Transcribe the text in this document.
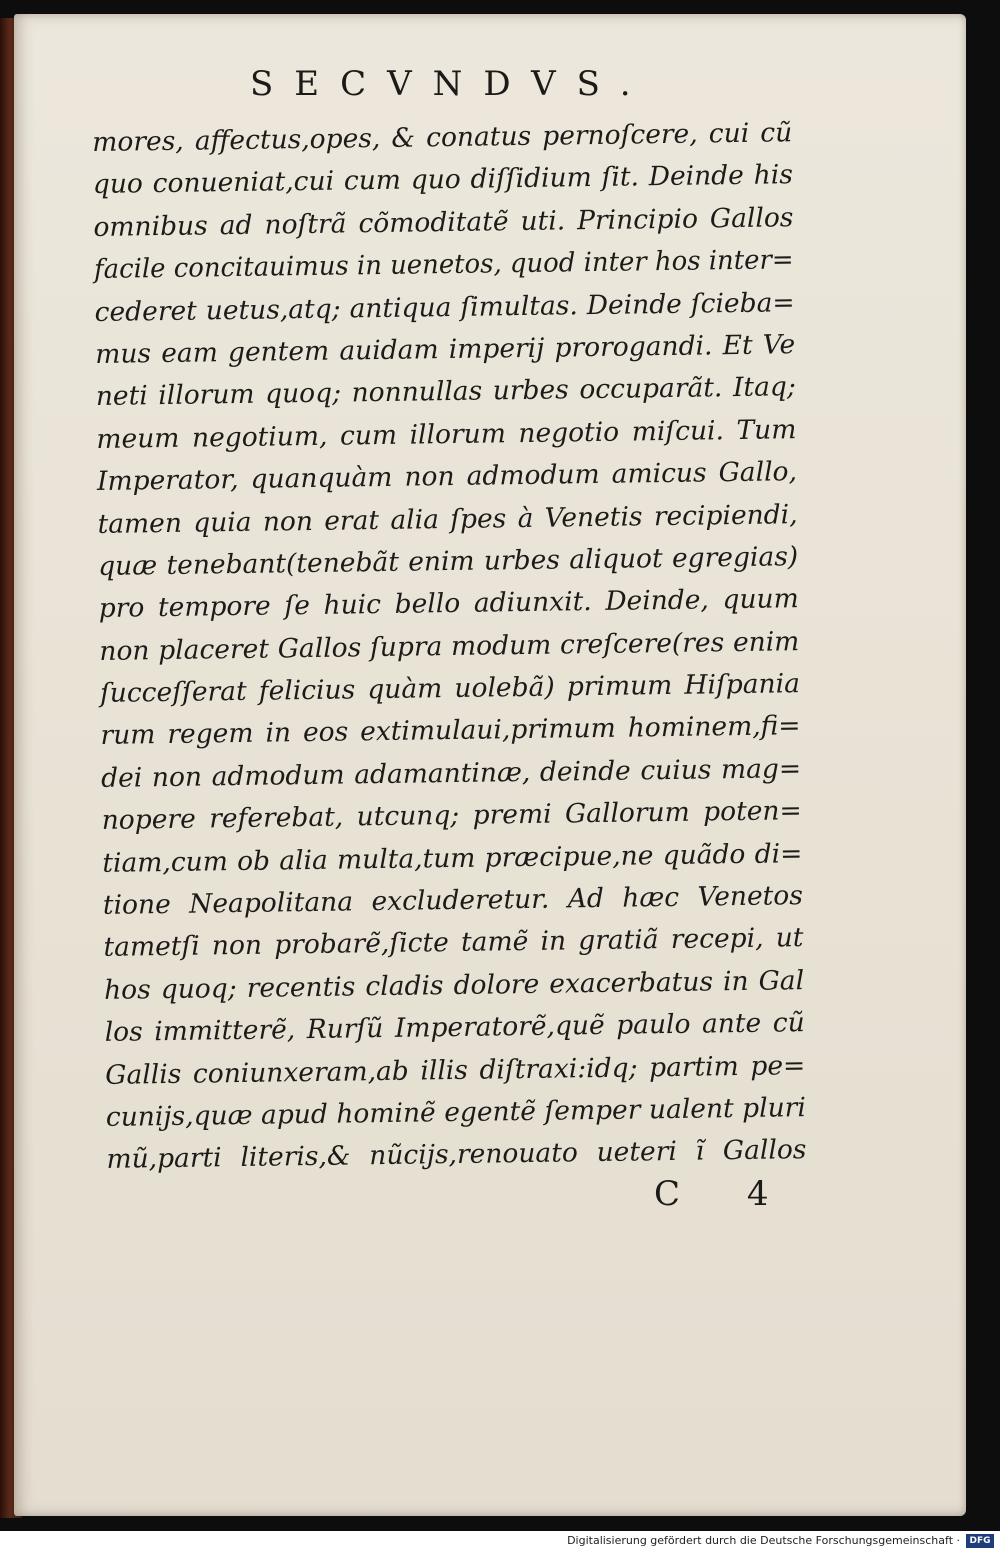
SECVNDVS.
mores, affectus,opes, & conatus pernoſcere, cui cũ
quo conueniat,cui cum quo diſſidium ſit. Deinde his
omnibus ad noſtrã cõmoditatẽ uti. Principio Gallos
facile concitauimus in uenetos, quod inter hos inter=
cederet uetus,atq; antiqua ſimultas. Deinde ſcieba=
mus eam gentem auidam imperij prorogandi. Et Ve
neti illorum quoq; nonnullas urbes occuparãt. Itaq;
meum negotium, cum illorum negotio miſcui. Tum
Imperator, quanquàm non admodum amicus Gallo,
tamen quia non erat alia ſpes à Venetis recipiendi,
quæ tenebant(tenebãt enim urbes aliquot egregias)
pro tempore ſe huic bello adiunxit. Deinde, quum
non placeret Gallos ſupra modum creſcere(res enim
ſucceſſerat felicius quàm uolebã) primum Hiſpania
rum regem in eos extimulaui,primum hominem,fi=
dei non admodum adamantinæ, deinde cuius mag=
nopere referebat, utcunq; premi Gallorum poten=
tiam,cum ob alia multa,tum præcipue,ne quãdo di=
tione Neapolitana excluderetur. Ad hæc Venetos
tametſi non probarẽ,ſicte tamẽ in gratiã recepi, ut
hos quoq; recentis cladis dolore exacerbatus in Gal
los immitterẽ, Rurſũ Imperatorẽ,quẽ paulo ante cũ
Gallis coniunxeram,ab illis diſtraxi:idq; partim pe=
cunijs,quæ apud hominẽ egentẽ ſemper ualent pluri
mũ,parti literis,& nũcijs,renouato ueteri ĩ Gallos
C 4
Digitalisierung gefördert durch die Deutsche Forschungsgemeinschaft ·	DFG
